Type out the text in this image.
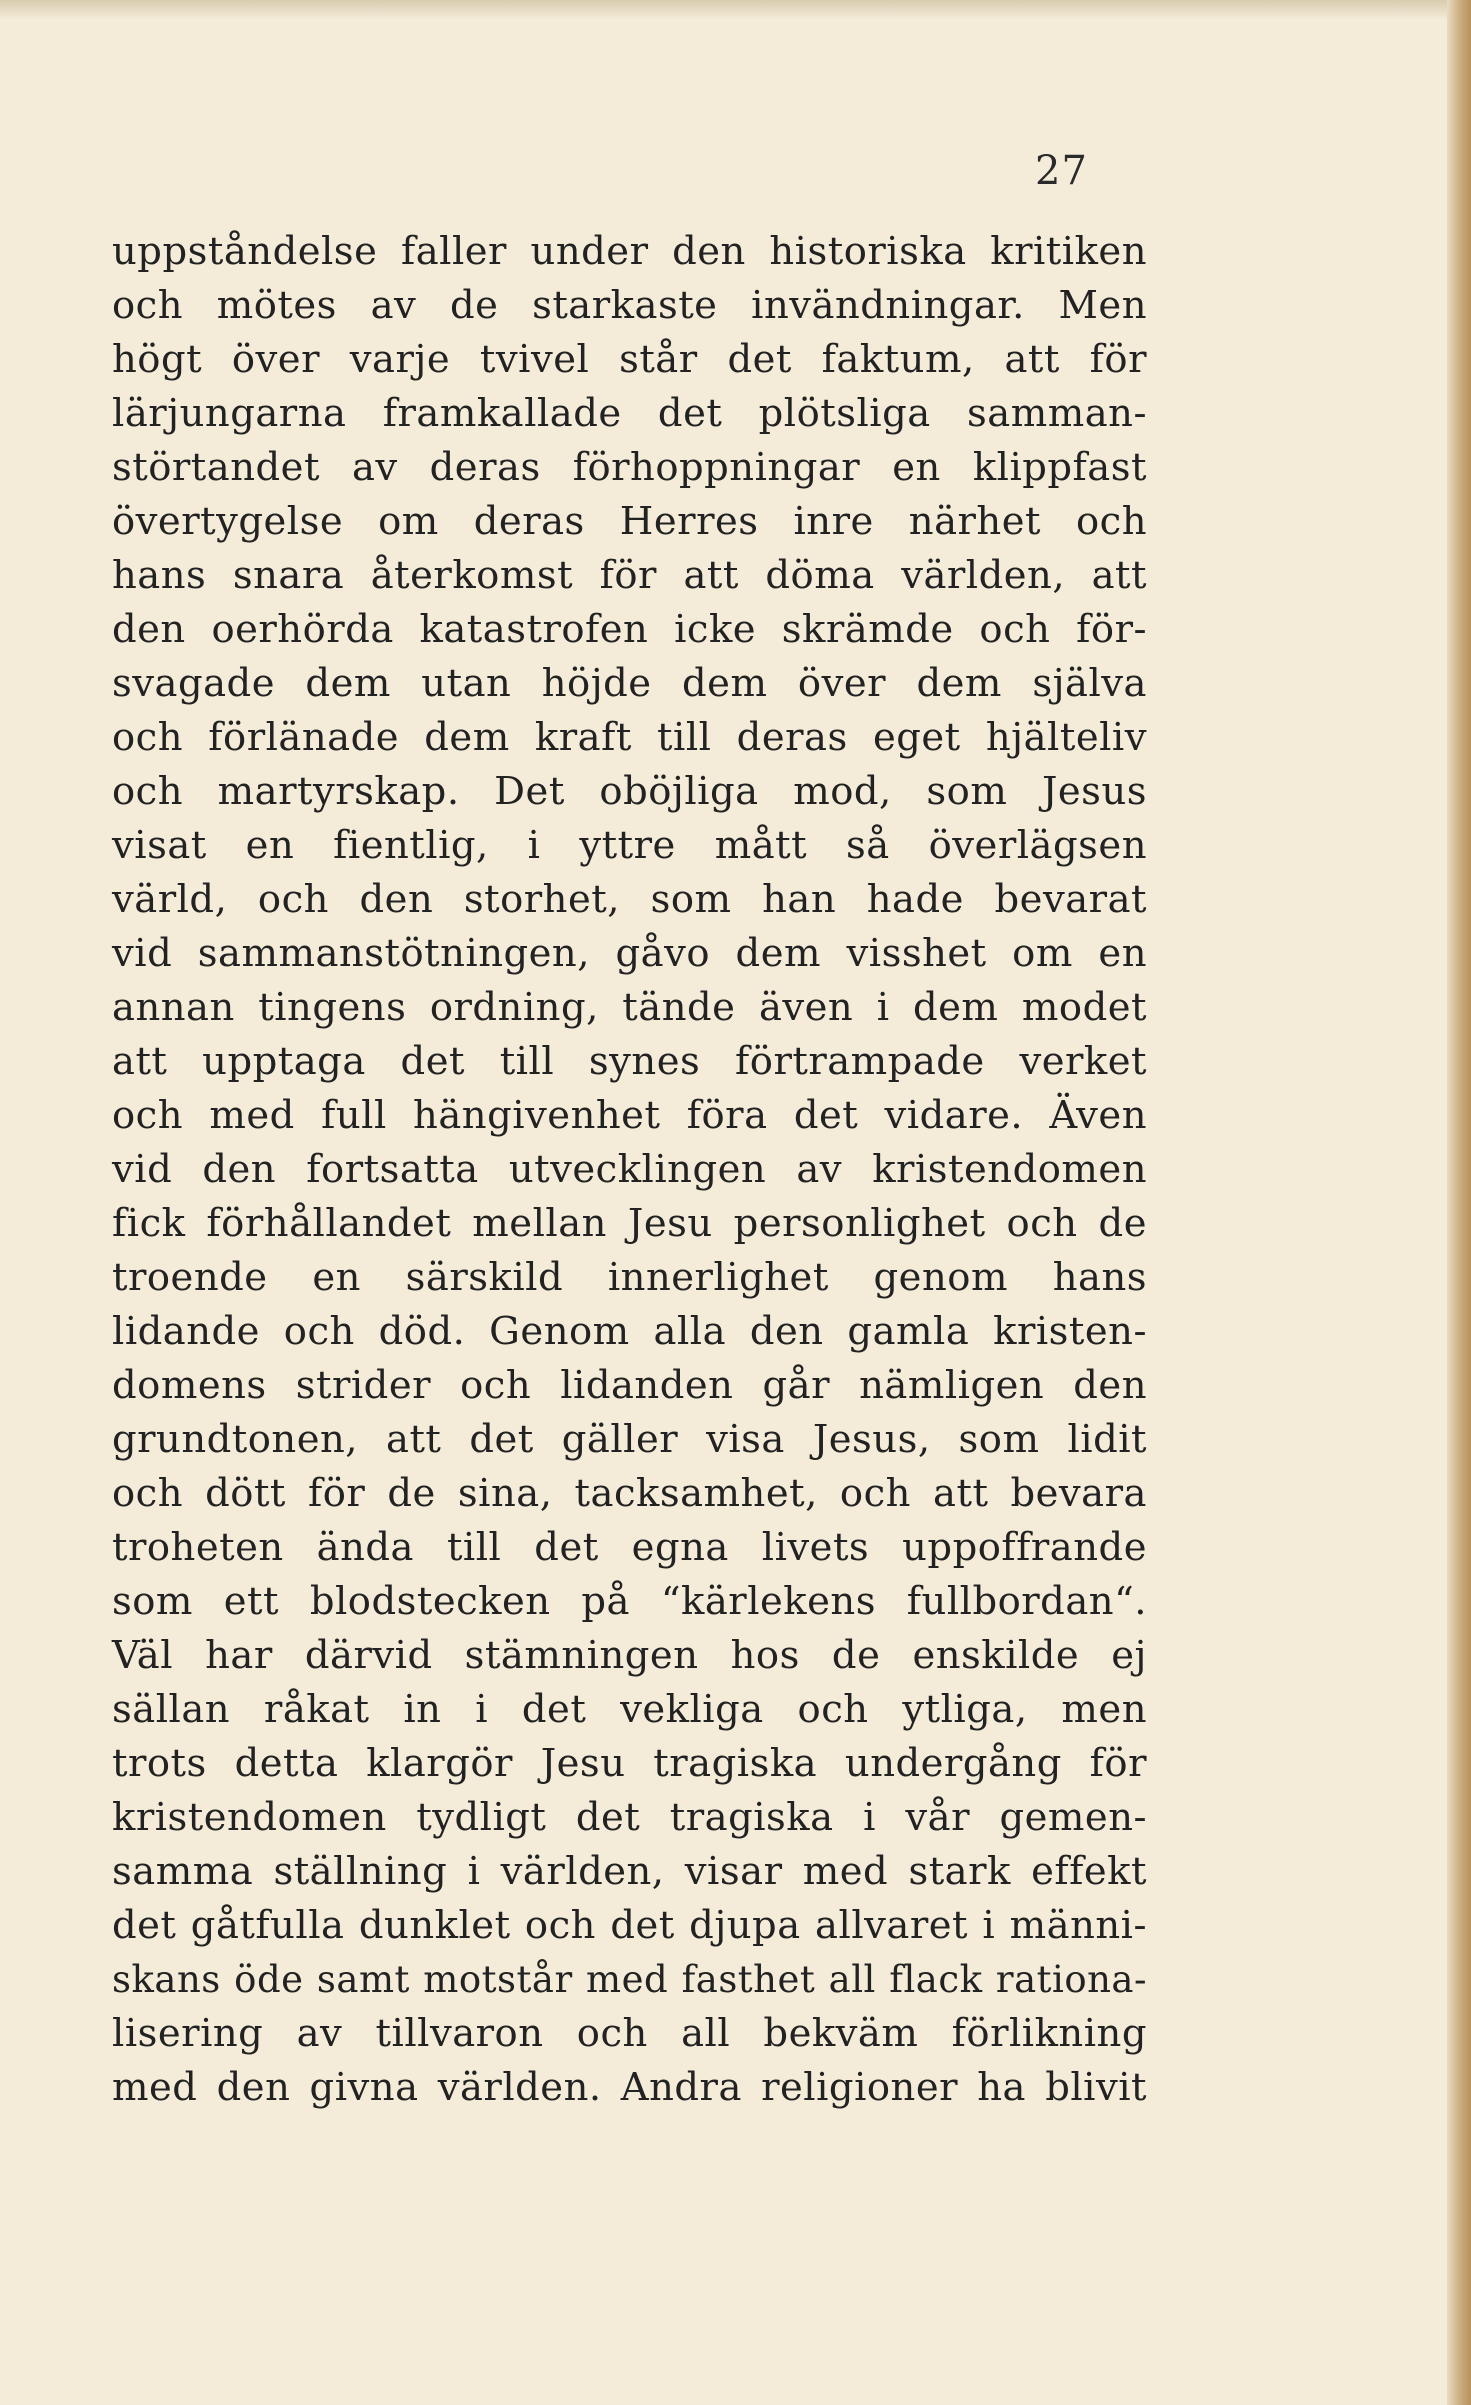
27
uppståndelse faller under den historiska kritiken
och mötes av de starkaste invändningar. Men
högt över varje tvivel står det faktum, att för
lärjungarna framkallade det plötsliga samman-
störtandet av deras förhoppningar en klippfast
övertygelse om deras Herres inre närhet och
hans snara återkomst för att döma världen, att
den oerhörda katastrofen icke skrämde och för-
svagade dem utan höjde dem över dem själva
och förlänade dem kraft till deras eget hjälteliv
och martyrskap. Det oböjliga mod, som Jesus
visat en fientlig, i yttre mått så överlägsen
värld, och den storhet, som han hade bevarat
vid sammanstötningen, gåvo dem visshet om en
annan tingens ordning, tände även i dem modet
att upptaga det till synes förtrampade verket
och med full hängivenhet föra det vidare. Även
vid den fortsatta utvecklingen av kristendomen
fick förhållandet mellan Jesu personlighet och de
troende en särskild innerlighet genom hans
lidande och död. Genom alla den gamla kristen-
domens strider och lidanden går nämligen den
grundtonen, att det gäller visa Jesus, som lidit
och dött för de sina, tacksamhet, och att bevara
troheten ända till det egna livets uppoffrande
som ett blodstecken på “kärlekens fullbordan“.
Väl har därvid stämningen hos de enskilde ej
sällan råkat in i det vekliga och ytliga, men
trots detta klargör Jesu tragiska undergång för
kristendomen tydligt det tragiska i vår gemen-
samma ställning i världen, visar med stark effekt
det gåtfulla dunklet och det djupa allvaret i männi-
skans öde samt motstår med fasthet all flack rationa-
lisering av tillvaron och all bekväm förlikning
med den givna världen. Andra religioner ha blivit
